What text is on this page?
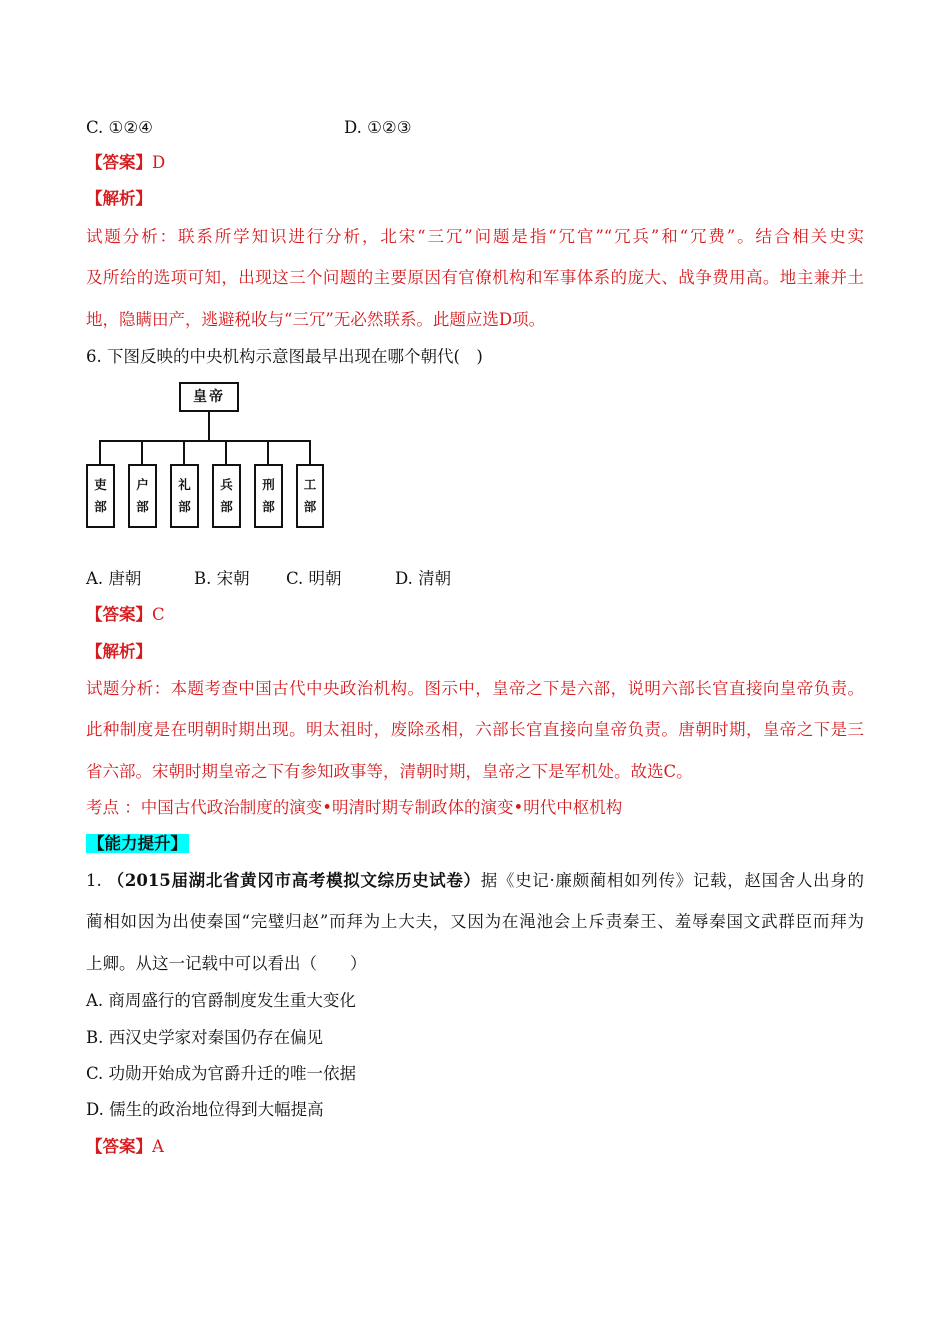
C. ①②④	D. ①②③
【答案】D
【解析】
试题分析：联系所学知识进行分析，北宋“三冗”问题是指“冗官”“冗兵”和“冗费”。结合相关史实
及所给的选项可知，出现这三个问题的主要原因有官僚机构和军事体系的庞大、战争费用高。地主兼并土
地，隐瞒田产，逃避税收与“三冗”无必然联系。此题应选D项。
6. 下图反映的中央机构示意图最早出现在哪个朝代(　)
皇帝
吏
部
户
部
礼
部
兵
部
刑
部
工
部
A. 唐朝	B. 宋朝 C. 明朝	D. 清朝
【答案】C
【解析】
试题分析：本题考查中国古代中央政治机构。图示中，皇帝之下是六部，说明六部长官直接向皇帝负责。
此种制度是在明朝时期出现。明太祖时，废除丞相，六部长官直接向皇帝负责。唐朝时期，皇帝之下是三
省六部。宋朝时期皇帝之下有参知政事等，清朝时期，皇帝之下是军机处。故选C。
考点 ：中国古代政治制度的演变•明清时期专制政体的演变•明代中枢机构
【能力提升】
1. （2015届湖北省黄冈市高考模拟文综历史试卷）据《史记·廉颇蔺相如列传》记载，赵国舍人出身的
蔺相如因为出使秦国“完璧归赵”而拜为上大夫，又因为在渑池会上斥责秦王、羞辱秦国文武群臣而拜为
上卿。从这一记载中可以看出（　　）
A. 商周盛行的官爵制度发生重大变化
B. 西汉史学家对秦国仍存在偏见
C. 功勋开始成为官爵升迁的唯一依据
D. 儒生的政治地位得到大幅提高
【答案】A
